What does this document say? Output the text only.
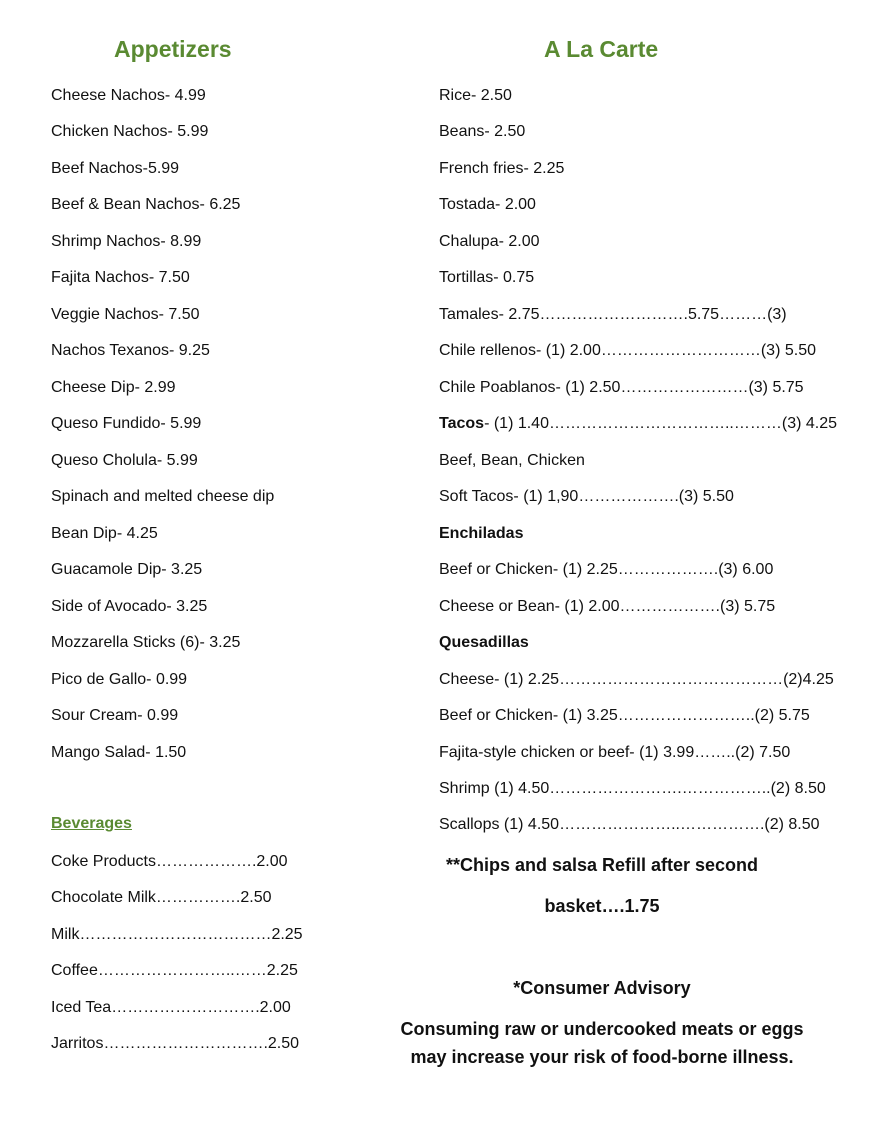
Appetizers	A La Carte
Cheese Nachos- 4.99
Chicken Nachos- 5.99
Beef Nachos-5.99
Beef & Bean Nachos- 6.25
Shrimp Nachos- 8.99
Fajita Nachos- 7.50
Veggie Nachos- 7.50
Nachos Texanos- 9.25
Cheese Dip- 2.99
Queso Fundido- 5.99
Queso Cholula- 5.99
Spinach and melted cheese dip
Bean Dip- 4.25
Guacamole Dip- 3.25
Side of Avocado- 3.25
Mozzarella Sticks (6)- 3.25
Pico de Gallo- 0.99
Sour Cream- 0.99
Mango Salad- 1.50
Beverages
Coke Products……………….2.00
Chocolate Milk…………….2.50
Milk………………………………2.25
Coffee……………………..……2.25
Iced Tea……………………….2.00
Jarritos………………………….2.50
Rice- 2.50
Beans- 2.50
French fries- 2.25
Tostada- 2.00
Chalupa- 2.00
Tortillas- 0.75
Tamales- 2.75……………………….5.75………(3)
Chile rellenos- (1) 2.00…………………………(3) 5.50
Chile Poablanos- (1) 2.50……………………(3) 5.75
Tacos- (1) 1.40……………………………..………(3) 4.25
Beef, Bean, Chicken
Soft Tacos- (1) 1,90……………….(3) 5.50
Enchiladas
Beef or Chicken- (1) 2.25……………….(3) 6.00
Cheese or Bean- (1) 2.00……………….(3) 5.75
Quesadillas
Cheese- (1) 2.25……………………………………(2)4.25
Beef or Chicken- (1) 3.25……………………..(2) 5.75
Fajita-style chicken or beef- (1) 3.99……..(2) 7.50
Shrimp (1) 4.50…………………….……………..(2) 8.50
Scallops (1) 4.50…………………..…………….(2) 8.50
**Chips and salsa Refill after second
basket….1.75
*Consumer Advisory
Consuming raw or undercooked meats or eggs
may increase your risk of food-borne illness.
